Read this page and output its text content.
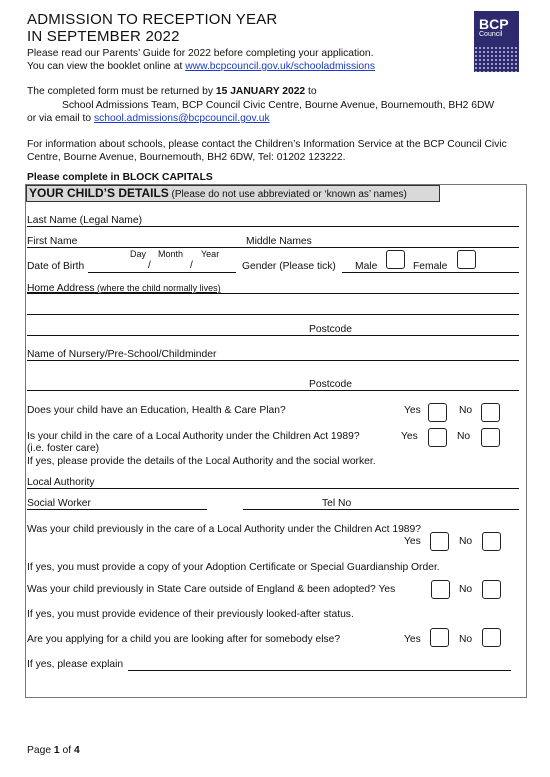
ADMISSION TO RECEPTION YEAR
IN SEPTEMBER 2022
BCP
Council
Please read our Parents’ Guide for 2022 before completing your application.
You can view the booklet online at www.bcpcouncil.gov.uk/schooladmissions
The completed form must be returned by 15 JANUARY 2022 to
School Admissions Team, BCP Council Civic Centre, Bourne Avenue, Bournemouth, BH2 6DW
or via email to school.admissions@bcpcouncil.gov.uk
For information about schools, please contact the Children’s Information Service at the BCP Council Civic
Centre, Bourne Avenue, Bournemouth, BH2 6DW, Tel: 01202 123222.
Please complete in BLOCK CAPITALS
YOUR CHILD’S DETAILS (Please do not use abbreviated or ‘known as’ names)
Last Name (Legal Name)
First Name	Middle Names
Day Month Year
Date of Birth	/	/	Gender (Please tick) Male	Female
Home Address (where the child normally lives)
Postcode
Name of Nursery/Pre-School/Childminder
Postcode
Does your child have an Education, Health & Care Plan?	Yes	No
Is your child in the care of a Local Authority under the Children Act 1989?	Yes	No
(i.e. foster care)
If yes, please provide the details of the Local Authority and the social worker.
Local Authority
Social Worker	Tel No
Was your child previously in the care of a Local Authority under the Children Act 1989?
Yes	No
If yes, you must provide a copy of your Adoption Certificate or Special Guardianship Order.
Was your child previously in State Care outside of England & been adopted? Yes	No
If yes, you must provide evidence of their previously looked-after status.
Are you applying for a child you are looking after for somebody else?	Yes	No
If yes, please explain
Page 1 of 4
